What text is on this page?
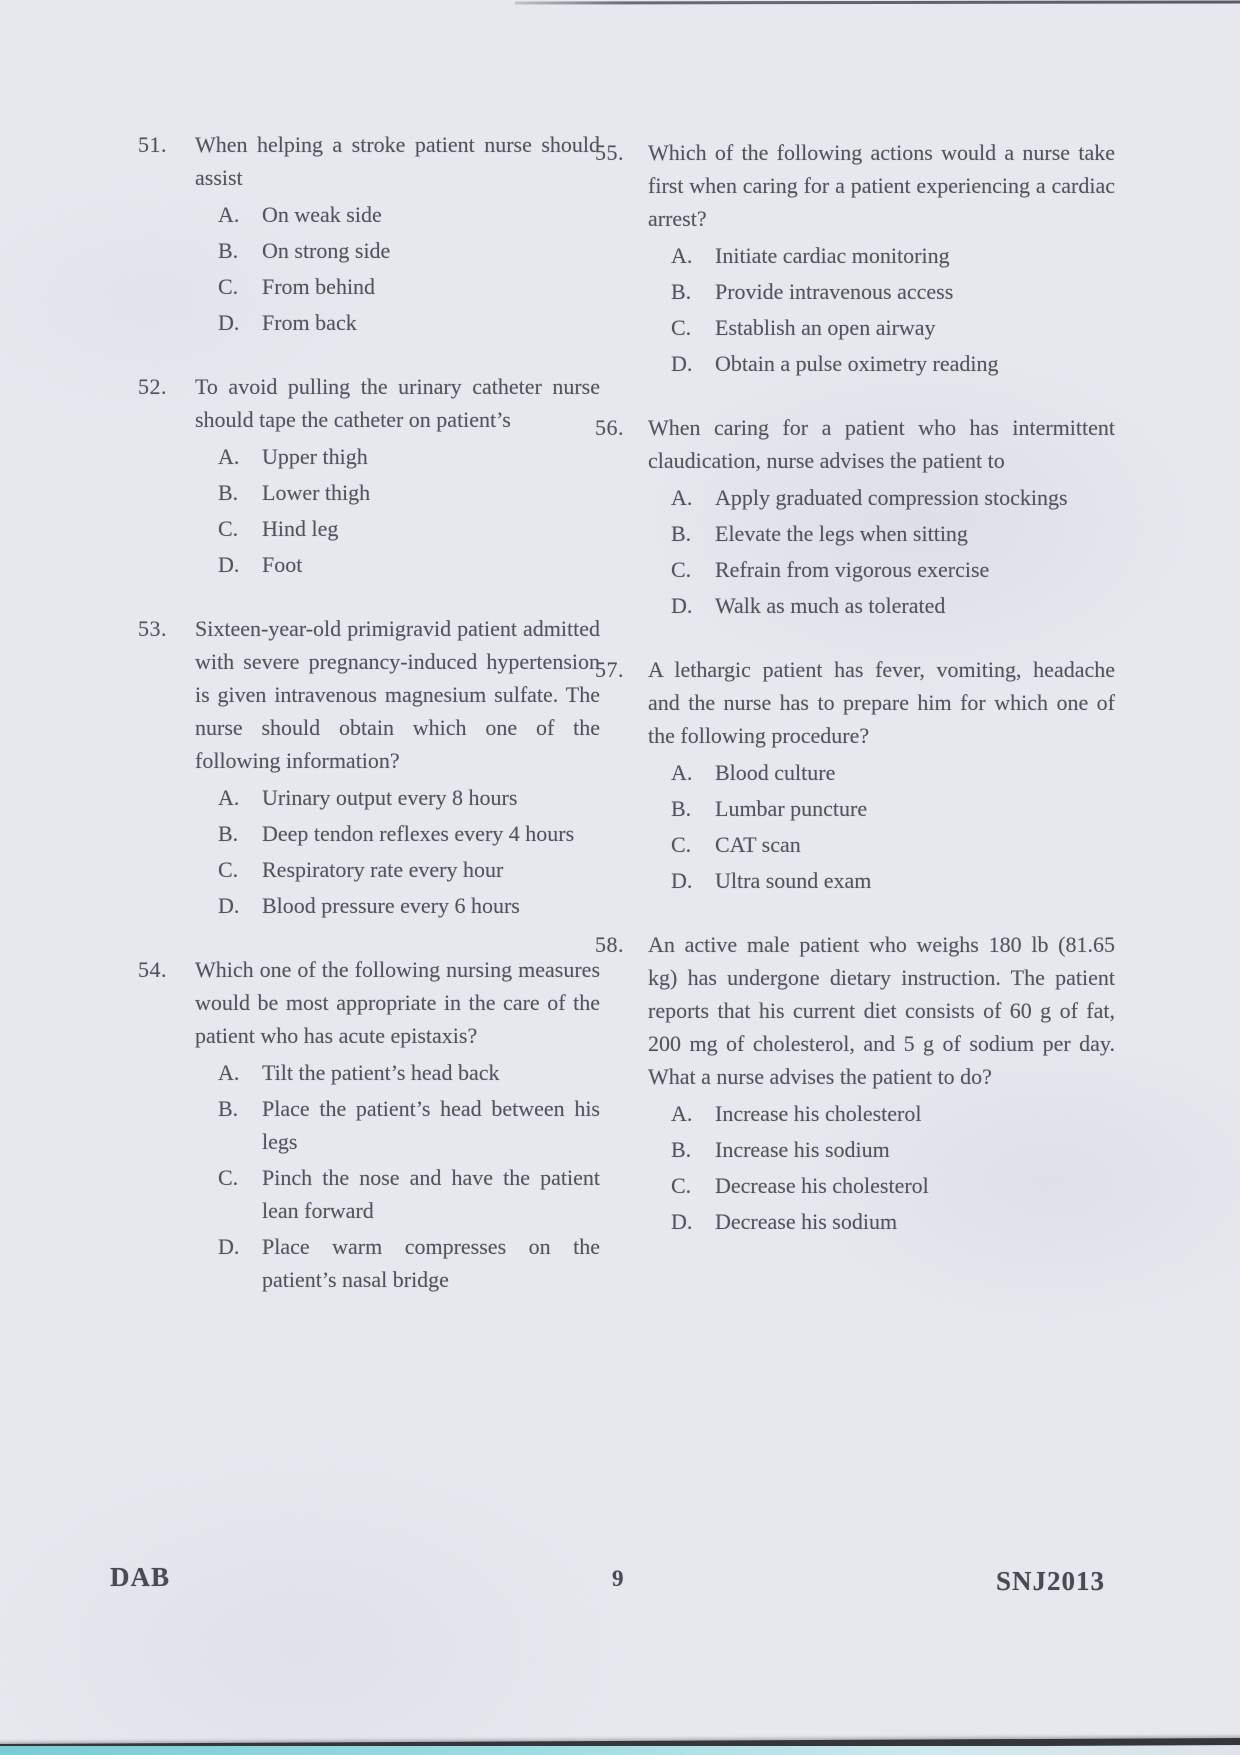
51.	When helping a stroke patient nurse should assist
A.	On weak side
B.	On strong side
C.	From behind
D.	From back
52.	To avoid pulling the urinary catheter nurse should tape the catheter on patient’s
A.	Upper thigh
B.	Lower thigh
C.	Hind leg
D.	Foot
53.	Sixteen-year-old primigravid patient admitted with severe pregnancy-induced hypertension is given intravenous magnesium sulfate. The nurse should obtain which one of the following information?
A.	Urinary output every 8 hours
B.	Deep tendon reflexes every 4 hours
C.	Respiratory rate every hour
D.	Blood pressure every 6 hours
54.	Which one of the following nursing measures would be most appropriate in the care of the patient who has acute epistaxis?
A.	Tilt the patient’s head back
B.	Place the patient’s head between his legs
C.	Pinch the nose and have the patient lean forward
D.	Place warm compresses on the patient’s nasal bridge
55.	Which of the following actions would a nurse take first when caring for a patient experiencing a cardiac arrest?
A.	Initiate cardiac monitoring
B.	Provide intravenous access
C.	Establish an open airway
D.	Obtain a pulse oximetry reading
56.	When caring for a patient who has intermittent claudication, nurse advises the patient to
A.	Apply graduated compression stockings
B.	Elevate the legs when sitting
C.	Refrain from vigorous exercise
D.	Walk as much as tolerated
57.	A lethargic patient has fever, vomiting, headache and the nurse has to prepare him for which one of the following procedure?
A.	Blood culture
B.	Lumbar puncture
C.	CAT scan
D.	Ultra sound exam
58.	An active male patient who weighs 180 lb (81.65 kg) has undergone dietary instruction. The patient reports that his current diet consists of 60 g of fat, 200 mg of cholesterol, and 5 g of sodium per day. What a nurse advises the patient to do?
A.	Increase his cholesterol
B.	Increase his sodium
C.	Decrease his cholesterol
D.	Decrease his sodium
DAB	9	SNJ2013
